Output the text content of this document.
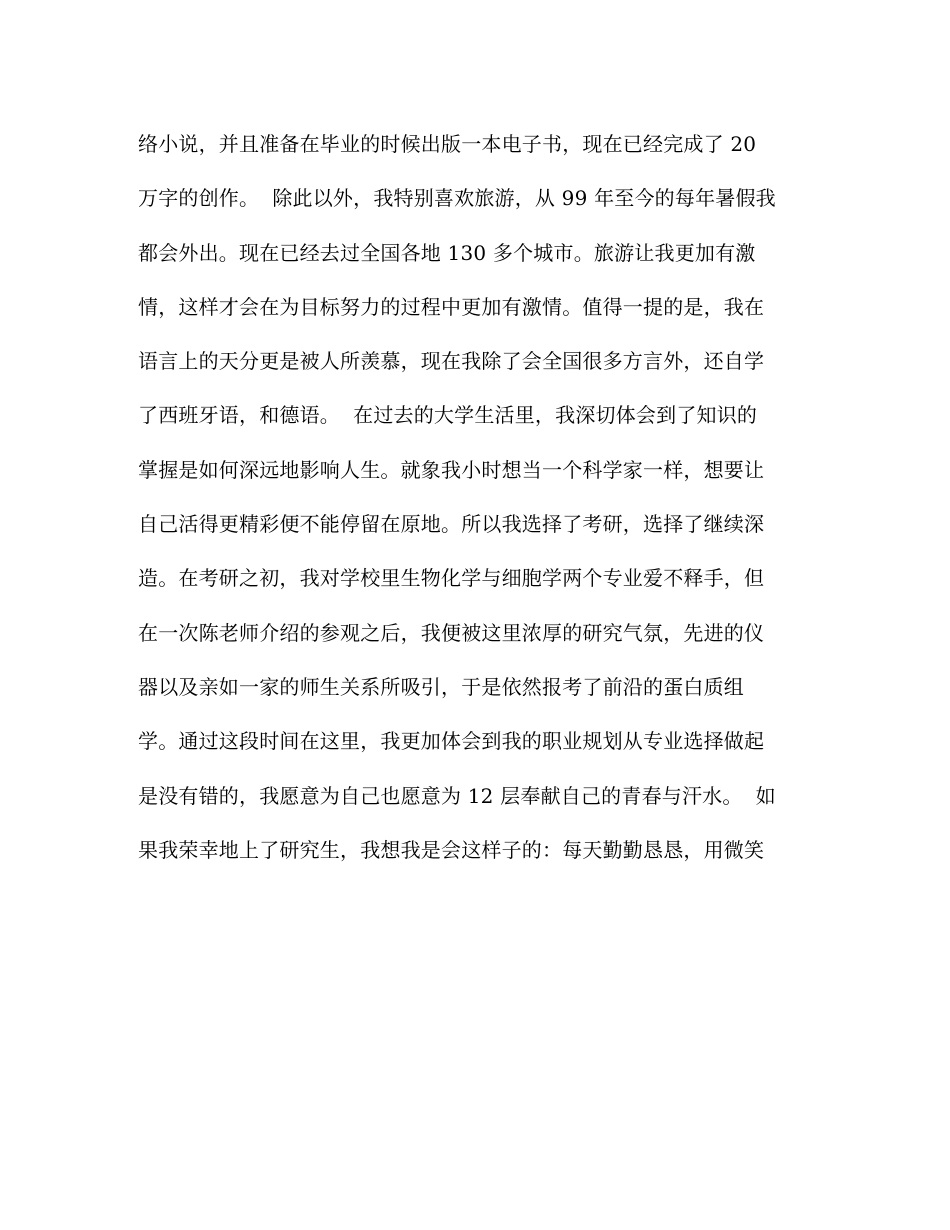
络小说，并且准备在毕业的时候出版一本电子书，现在已经完成了 20
万字的创作。  除此以外，我特别喜欢旅游，从 99 年至今的每年暑假我
都会外出。现在已经去过全国各地 130 多个城市。旅游让我更加有激
情，这样才会在为目标努力的过程中更加有激情。值得一提的是，我在
语言上的天分更是被人所羡慕，现在我除了会全国很多方言外，还自学
了西班牙语，和德语。  在过去的大学生活里，我深切体会到了知识的
掌握是如何深远地影响人生。就象我小时想当一个科学家一样，想要让
自己活得更精彩便不能停留在原地。所以我选择了考研，选择了继续深
造。在考研之初，我对学校里生物化学与细胞学两个专业爱不释手，但
在一次陈老师介绍的参观之后，我便被这里浓厚的研究气氛，先进的仪
器以及亲如一家的师生关系所吸引，于是依然报考了前沿的蛋白质组
学。通过这段时间在这里，我更加体会到我的职业规划从专业选择做起
是没有错的，我愿意为自己也愿意为 12 层奉献自己的青春与汗水。  如
果我荣幸地上了研究生，我想我是会这样子的：每天勤勤恳恳，用微笑
